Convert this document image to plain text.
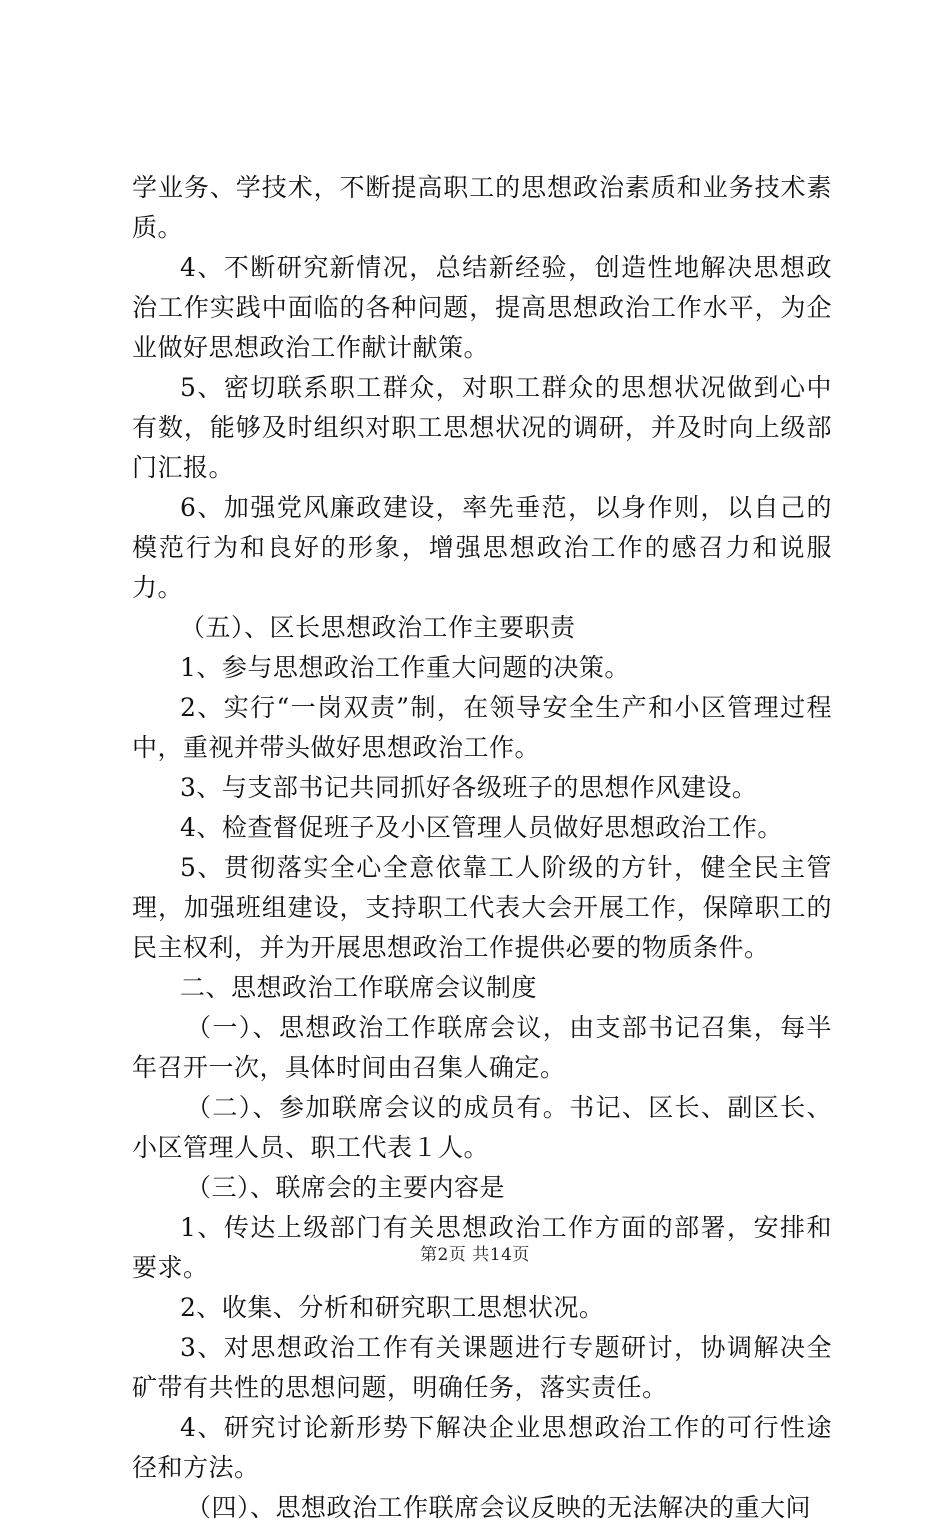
学业务、学技术，不断提高职工的思想政治素质和业务技术素质。

4、不断研究新情况，总结新经验，创造性地解决思想政治工作实践中面临的各种问题，提高思想政治工作水平，为企业做好思想政治工作献计献策。

5、密切联系职工群众，对职工群众的思想状况做到心中有数，能够及时组织对职工思想状况的调研，并及时向上级部门汇报。

6、加强党风廉政建设，率先垂范，以身作则，以自己的模范行为和良好的形象，增强思想政治工作的感召力和说服力。

（五）、区长思想政治工作主要职责

1、参与思想政治工作重大问题的决策。

2、实行“一岗双责”制，在领导安全生产和小区管理过程中，重视并带头做好思想政治工作。

3、与支部书记共同抓好各级班子的思想作风建设。

4、检查督促班子及小区管理人员做好思想政治工作。

5、贯彻落实全心全意依靠工人阶级的方针，健全民主管理，加强班组建设，支持职工代表大会开展工作，保障职工的民主权利，并为开展思想政治工作提供必要的物质条件。

二、思想政治工作联席会议制度

（一）、思想政治工作联席会议，由支部书记召集，每半年召开一次，具体时间由召集人确定。

（二）、参加联席会议的成员有。书记、区长、副区长、小区管理人员、职工代表１人。

（三）、联席会的主要内容是

1、传达上级部门有关思想政治工作方面的部署，安排和要求。

2、收集、分析和研究职工思想状况。

3、对思想政治工作有关课题进行专题研讨，协调解决全矿带有共性的思想问题，明确任务，落实责任。

4、研究讨论新形势下解决企业思想政治工作的可行性途径和方法。

（四）、思想政治工作联席会议反映的无法解决的重大问

第2页 共14页
